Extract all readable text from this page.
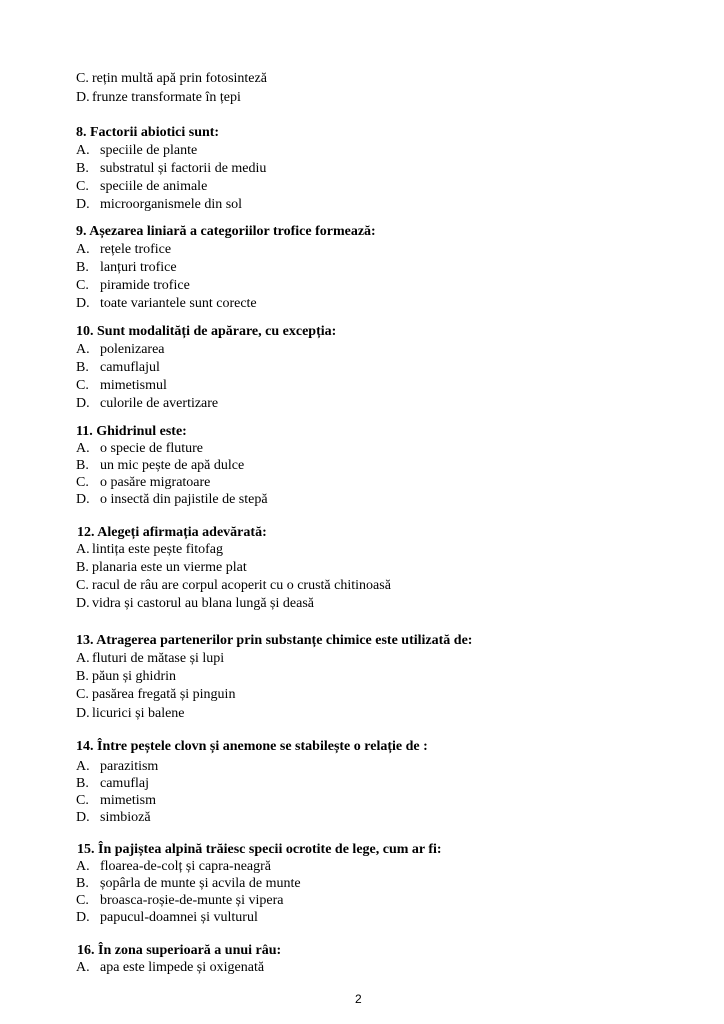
C. rețin multă apă prin fotosinteză
D. frunze transformate în țepi
8. Factorii abiotici sunt:
A. speciile de plante
B. substratul și factorii de mediu
C. speciile de animale
D. microorganismele din sol
9. Așezarea liniară a categoriilor trofice formează:
A. rețele trofice
B. lanțuri trofice
C. piramide trofice
D. toate variantele sunt corecte
10. Sunt modalități de apărare, cu excepția:
A. polenizarea
B. camuflajul
C. mimetismul
D. culorile de avertizare
11. Ghidrinul este:
A. o specie de fluture
B. un mic pește de apă dulce
C. o pasăre migratoare
D. o insectă din pajistile de stepă
12. Alegeți afirmația adevărată:
A. lintița este pește fitofag
B. planaria este un vierme plat
C. racul de râu are corpul acoperit cu o crustă chitinoasă
D. vidra și castorul au blana lungă și deasă
13. Atragerea partenerilor prin substanțe chimice este utilizată de:
A. fluturi de mătase și lupi
B. păun și ghidrin
C. pasărea fregată și pinguin
D. licurici și balene
14. Între peștele clovn și anemone se stabilește o relație de :
A. parazitism
B. camuflaj
C. mimetism
D. simbioză
15. În pajiștea alpină trăiesc specii ocrotite de lege, cum ar fi:
A. floarea-de-colț și capra-neagră
B. șopârla de munte și acvila de munte
C. broasca-roșie-de-munte și vipera
D. papucul-doamnei și vulturul
16. În zona superioară a unui râu:
A. apa este limpede și oxigenată
2
